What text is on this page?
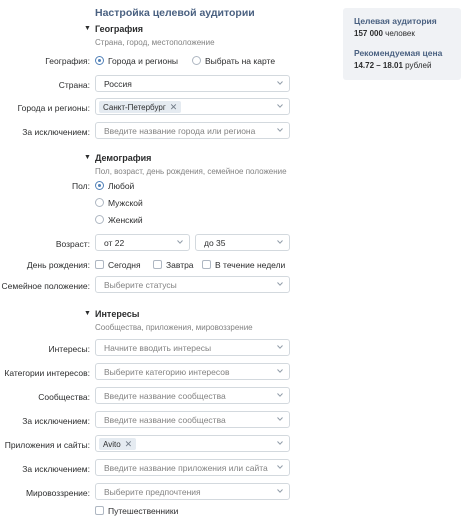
Настройка целевой аудитории
Целевая аудитория
157 000 человек
Рекомендуемая цена
14.72 – 18.01 рублей
▼ География
Страна, город, местоположение
География: Города и регионы	Выбрать на карте
Страна: Россия
Города и регионы:	Санкт-Петербург ✕
За исключением: Введите название города или региона
▼ Демография
Пол, возраст, день рождения, семейное положение
Пол: Любой
Мужской
Женский
Возраст: от 22	до 35
День рождения: Сегодня	Завтра	В течение недели
Семейное положение: Выберите статусы
▼ Интересы
Сообщества, приложения, мировоззрение
Интересы: Начните вводить интересы
Категории интересов: Выберите категорию интересов
Сообщества: Введите название сообщества
За исключением: Введите название сообщества
Приложения и сайты:	Avito ✕
За исключением: Введите название приложения или сайта
Мировоззрение: Выберите предпочтения
Путешественники
